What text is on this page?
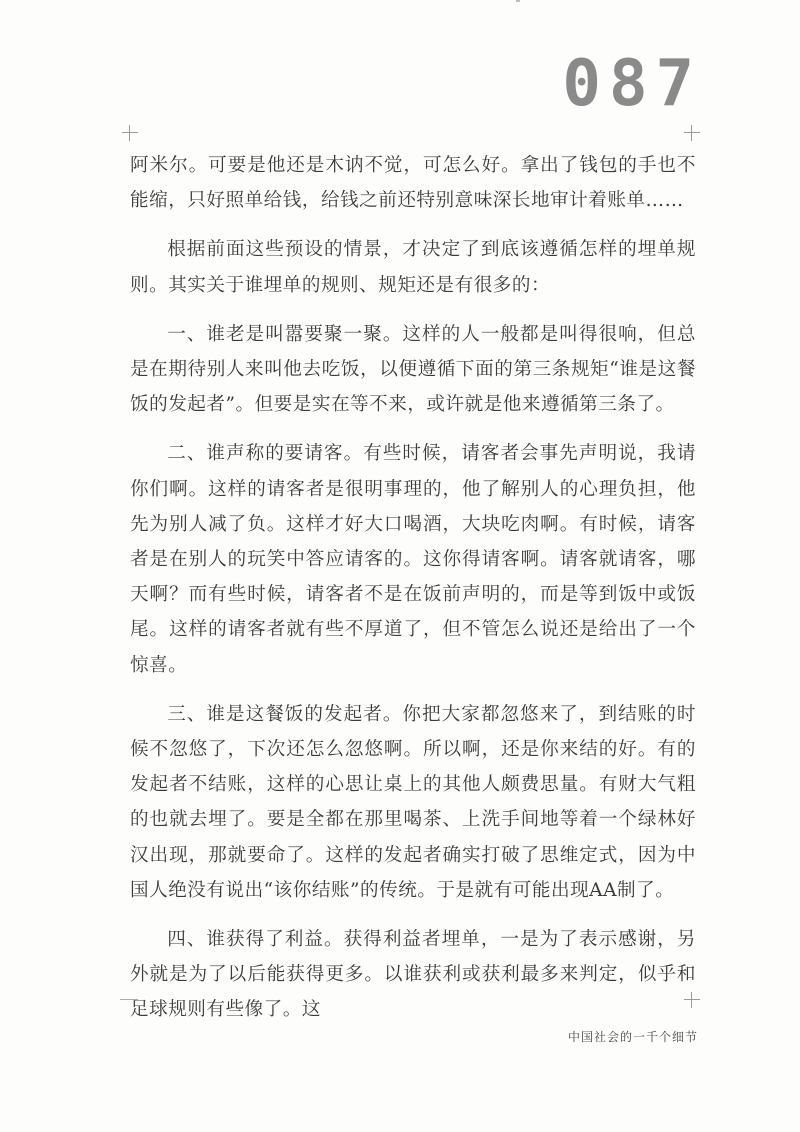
087

阿米尔。可要是他还是木讷不觉，可怎么好。拿出了钱包的手也不能缩，只好照单给钱，给钱之前还特别意味深长地审计着账单……

根据前面这些预设的情景，才决定了到底该遵循怎样的埋单规则。其实关于谁埋单的规则、规矩还是有很多的：

一、谁老是叫嚣要聚一聚。这样的人一般都是叫得很响，但总是在期待别人来叫他去吃饭，以便遵循下面的第三条规矩“谁是这餐饭的发起者”。但要是实在等不来，或许就是他来遵循第三条了。

二、谁声称的要请客。有些时候，请客者会事先声明说，我请你们啊。这样的请客者是很明事理的，他了解别人的心理负担，他先为别人减了负。这样才好大口喝酒，大块吃肉啊。有时候，请客者是在别人的玩笑中答应请客的。这你得请客啊。请客就请客，哪天啊？而有些时候，请客者不是在饭前声明的，而是等到饭中或饭尾。这样的请客者就有些不厚道了，但不管怎么说还是给出了一个惊喜。

三、谁是这餐饭的发起者。你把大家都忽悠来了，到结账的时候不忽悠了，下次还怎么忽悠啊。所以啊，还是你来结的好。有的发起者不结账，这样的心思让桌上的其他人颇费思量。有财大气粗的也就去埋了。要是全都在那里喝茶、上洗手间地等着一个绿林好汉出现，那就要命了。这样的发起者确实打破了思维定式，因为中国人绝没有说出“该你结账”的传统。于是就有可能出现AA制了。

四、谁获得了利益。获得利益者埋单，一是为了表示感谢，另外就是为了以后能获得更多。以谁获利或获利最多来判定，似乎和足球规则有些像了。这

中国社会的一千个细节
